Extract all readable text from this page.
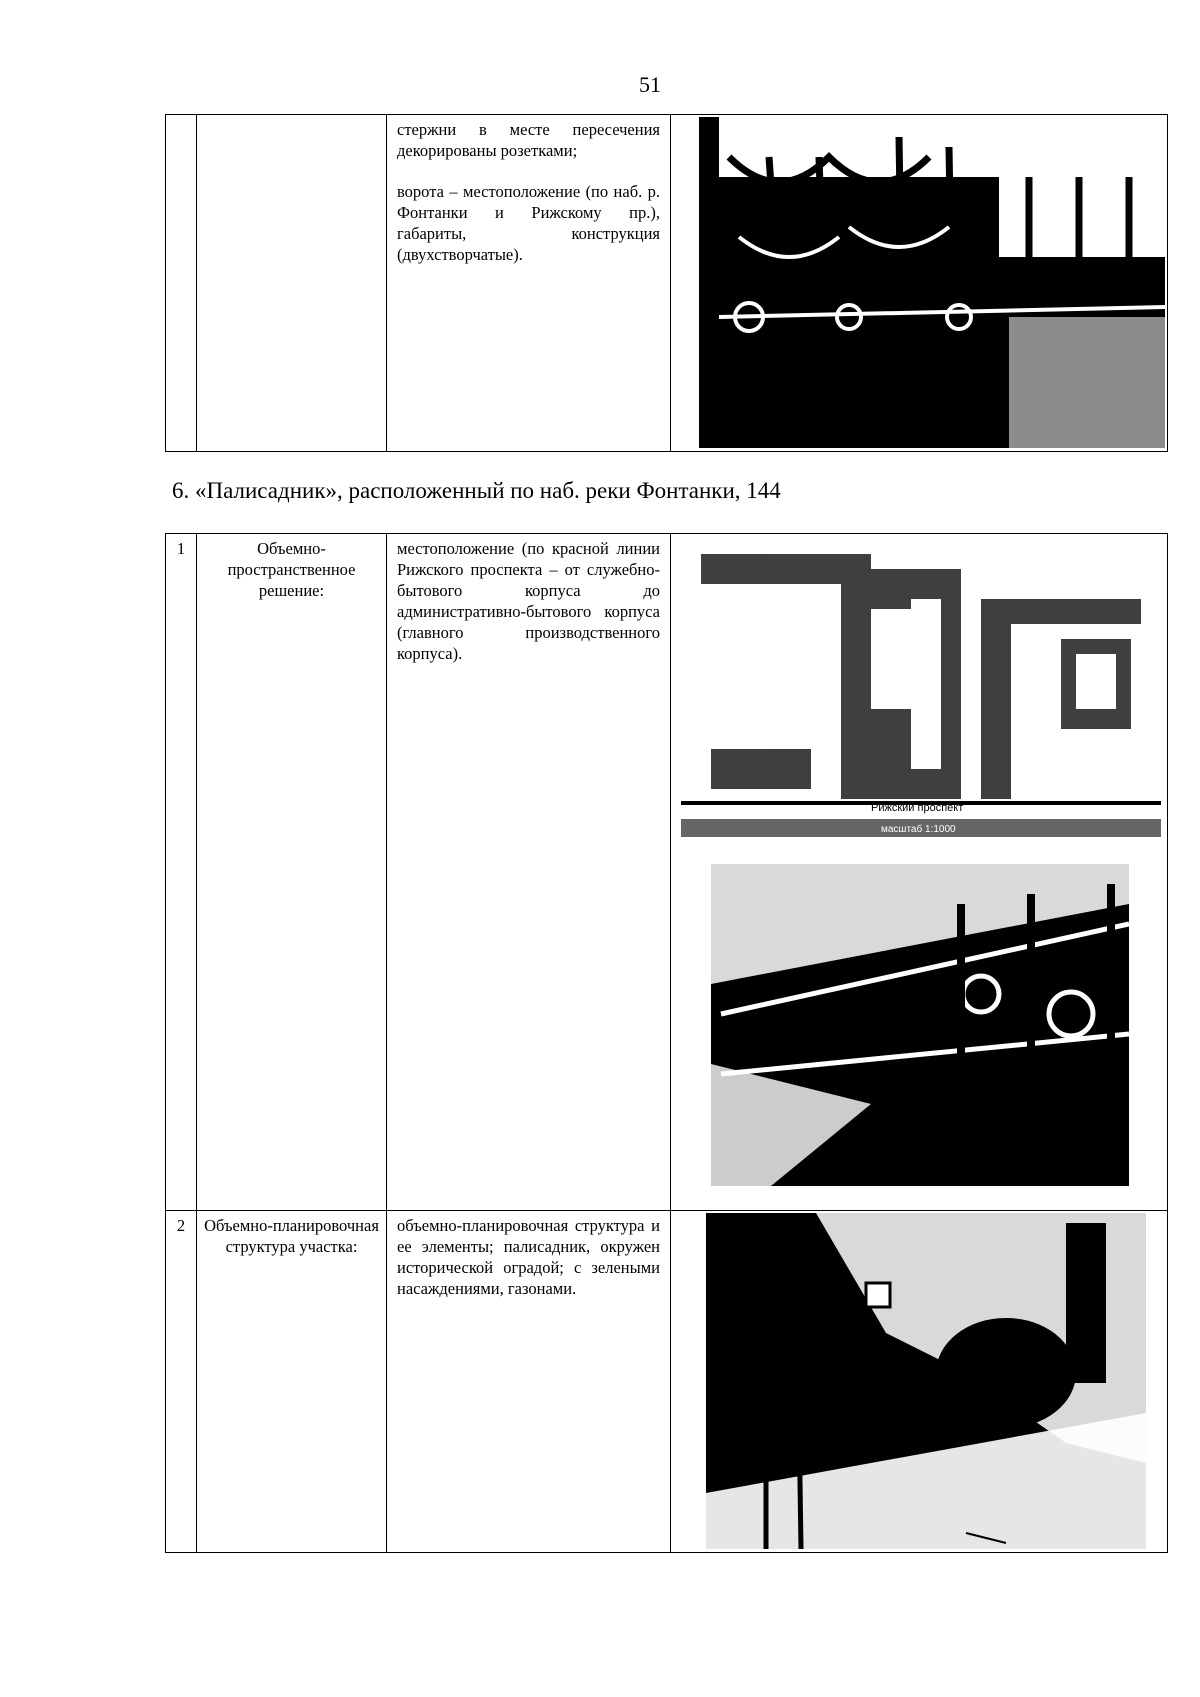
51

стержни в месте пересечения декорированы розетками;
ворота – местоположение (по наб. р. Фонтанки и Рижскому пр.), габариты, конструкция (двухстворчатые).

6. «Палисадник», расположенный по наб. реки Фонтанки, 144
1	Объемно-пространственное решение:	местоположение (по красной линии Рижского проспекта – от служебно-бытового корпуса до административно-бытового корпуса (главного производственного корпуса).	Рижский проспект
масштаб 1:1000

2	Объемно-планировочная структура участка:	объемно-планировочная структура и ее элементы; палисадник, окружен исторической оградой; с зелеными насаждениями, газонами.	
